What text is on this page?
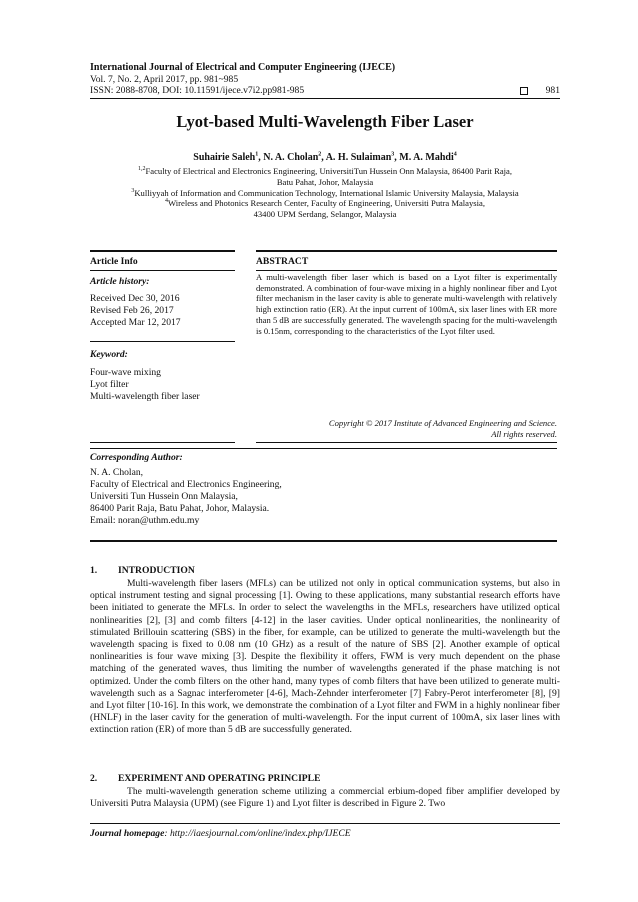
International Journal of Electrical and Computer Engineering (IJECE)
Vol. 7, No. 2, April 2017, pp. 981~985
ISSN: 2088-8708, DOI: 10.11591/ijece.v7i2.pp981-985	981
Lyot-based Multi-Wavelength Fiber Laser
Suhairie Saleh$^1$, N. A. Cholan$^2$, A. H. Sulaiman$^3$, M. A. Mahdi$^4$
$^{1,2}$Faculty of Electrical and Electronics Engineering, UniversitiTun Hussein Onn Malaysia, 86400 Parit Raja,
Batu Pahat, Johor, Malaysia
$^3$Kulliyyah of Information and Communication Technology, International Islamic University Malaysia, Malaysia
$^4$Wireless and Photonics Research Center, Faculty of Engineering, Universiti Putra Malaysia,
43400 UPM Serdang, Selangor, Malaysia
Article Info
Article history:
Received Dec 30, 2016
Revised Feb 26, 2017
Accepted Mar 12, 2017
Keyword:
Four-wave mixing
Lyot filter
Multi-wavelength fiber laser
ABSTRACT
A multi-wavelength fiber laser which is based on a Lyot filter is experimentally demonstrated. A combination of four-wave mixing in a highly nonlinear fiber and Lyot filter mechanism in the laser cavity is able to generate multi-wavelength with relatively high extinction ratio (ER). At the input current of 100mA, six laser lines with ER more than 5 dB are successfully generated. The wavelength spacing for the multi-wavelength is 0.15nm, corresponding to the characteristics of the Lyot filter used.
Copyright © 2017 Institute of Advanced Engineering and Science.
All rights reserved.
Corresponding Author:
N. A. Cholan,
Faculty of Electrical and Electronics Engineering,
Universiti Tun Hussein Onn Malaysia,
86400 Parit Raja, Batu Pahat, Johor, Malaysia.
Email: noran@uthm.edu.my
1. INTRODUCTION

Multi-wavelength fiber lasers (MFLs) can be utilized not only in optical communication systems, but also in optical instrument testing and signal processing [1]. Owing to these applications, many substantial research efforts have been initiated to generate the MFLs. In order to select the wavelengths in the MFLs, researchers have utilized optical nonlinearities [2], [3] and comb filters [4-12] in the laser cavities. Under optical nonlinearities, the nonlinearity of stimulated Brillouin scattering (SBS) in the fiber, for example, can be utilized to generate the multi-wavelength but the wavelength spacing is fixed to 0.08 nm (10 GHz) as a result of the nature of SBS [2]. Another example of optical nonlinearities is four wave mixing [3]. Despite the flexibility it offers, FWM is very much dependent on the phase matching of the generated waves, thus limiting the number of wavelengths generated if the phase matching is not optimized. Under the comb filters on the other hand, many types of comb filters that have been utilized to generate multi-wavelength such as a Sagnac interferometer [4-6], Mach-Zehnder interferometer [7] Fabry-Perot interferometer [8], [9] and Lyot filter [10-16]. In this work, we demonstrate the combination of a Lyot filter and FWM in a highly nonlinear fiber (HNLF) in the laser cavity for the generation of multi-wavelength. For the input current of 100mA, six laser lines with extinction ration (ER) of more than 5 dB are successfully generated.

2. EXPERIMENT AND OPERATING PRINCIPLE

The multi-wavelength generation scheme utilizing a commercial erbium-doped fiber amplifier developed by Universiti Putra Malaysia (UPM) (see Figure 1) and Lyot filter is described in Figure 2. Two

Journal homepage: http://iaesjournal.com/online/index.php/IJECE
